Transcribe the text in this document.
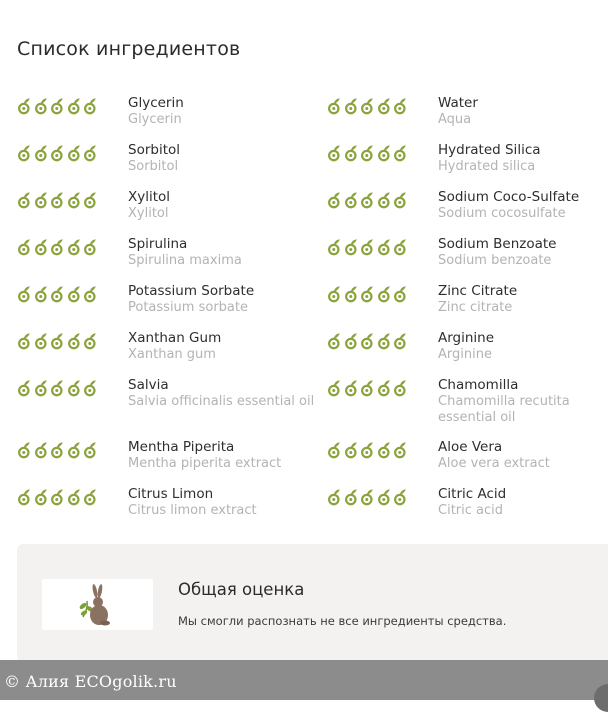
Список ингредиентов
Glycerin
Glycerin
Water
Aqua
Sorbitol
Sorbitol
Hydrated Silica
Hydrated silica
Xylitol
Xylitol
Sodium Coco-Sulfate
Sodium cocosulfate
Spirulina
Spirulina maxima
Sodium Benzoate
Sodium benzoate
Potassium Sorbate
Potassium sorbate
Zinc Citrate
Zinc citrate
Xanthan Gum
Xanthan gum
Arginine
Arginine
Salvia
Salvia officinalis essential oil
Chamomilla
Chamomilla recutita essential oil
Mentha Piperita
Mentha piperita extract
Aloe Vera
Aloe vera extract
Citrus Limon
Citrus limon extract
Citric Acid
Citric acid
Общая оценка
Мы смогли распознать не все ингредиенты средства.
© Алия ECOgolik.ru
